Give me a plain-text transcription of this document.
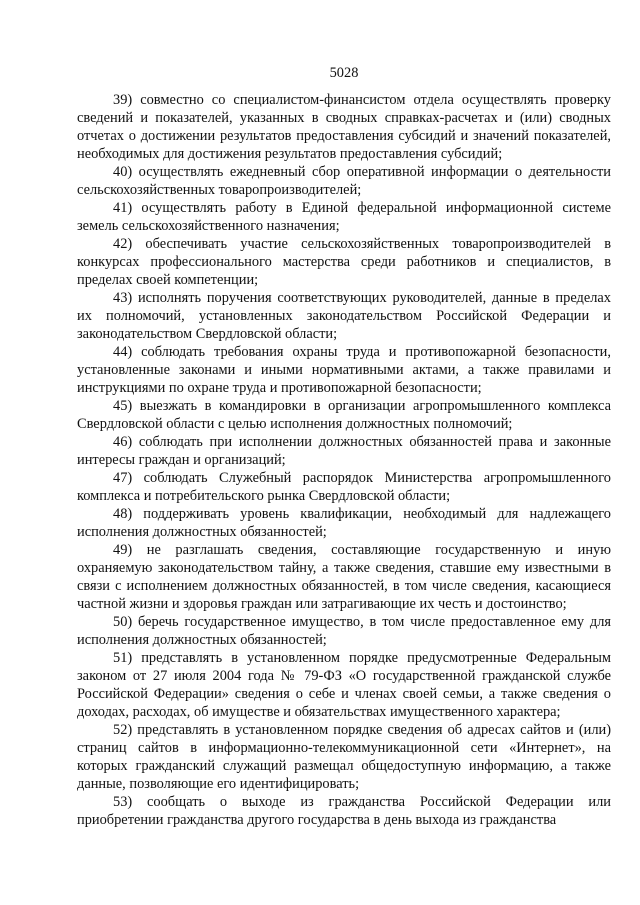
5028

39) совместно со специалистом-финансистом отдела осуществлять проверку сведений и показателей, указанных в сводных справках-расчетах и (или) сводных отчетах о достижении результатов предоставления субсидий и значений показателей, необходимых для достижения результатов предоставления субсидий;

40) осуществлять ежедневный сбор оперативной информации о деятельности сельскохозяйственных товаропроизводителей;

41) осуществлять работу в Единой федеральной информационной системе земель сельскохозяйственного назначения;

42) обеспечивать участие сельскохозяйственных товаропроизводителей в конкурсах профессионального мастерства среди работников и специалистов, в пределах своей компетенции;

43) исполнять поручения соответствующих руководителей, данные в пределах их полномочий, установленных законодательством Российской Федерации и законодательством Свердловской области;

44) соблюдать требования охраны труда и противопожарной безопасности, установленные законами и иными нормативными актами, а также правилами и инструкциями по охране труда и противопожарной безопасности;

45) выезжать в командировки в организации агропромышленного комплекса Свердловской области с целью исполнения должностных полномочий;

46) соблюдать при исполнении должностных обязанностей права и законные интересы граждан и организаций;

47) соблюдать Служебный распорядок Министерства агропромышленного комплекса и потребительского рынка Свердловской области;

48) поддерживать уровень квалификации, необходимый для надлежащего исполнения должностных обязанностей;

49) не разглашать сведения, составляющие государственную и иную охраняемую законодательством тайну, а также сведения, ставшие ему известными в связи с исполнением должностных обязанностей, в том числе сведения, касающиеся частной жизни и здоровья граждан или затрагивающие их честь и достоинство;

50) беречь государственное имущество, в том числе предоставленное ему для исполнения должностных обязанностей;

51) представлять в установленном порядке предусмотренные Федеральным законом от 27 июля 2004 года № 79-ФЗ «О государственной гражданской службе Российской Федерации» сведения о себе и членах своей семьи, а также сведения о доходах, расходах, об имуществе и обязательствах имущественного характера;

52) представлять в установленном порядке сведения об адресах сайтов и (или) страниц сайтов в информационно-телекоммуникационной сети «Интернет», на которых гражданский служащий размещал общедоступную информацию, а также данные, позволяющие его идентифицировать;

53) сообщать о выходе из гражданства Российской Федерации или приобретении гражданства другого государства в день выхода из гражданства
